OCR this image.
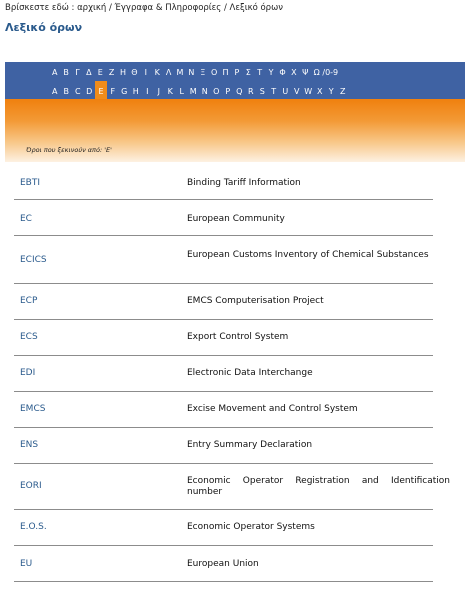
Βρίσκεστε εδώ : αρχική / Έγγραφα & Πληροφορίες / Λεξικό όρων
Λεξικό όρων
Α Β Γ Δ Ε Ζ Η Θ Ι Κ Λ Μ Ν Ξ Ο Π Ρ Σ Τ Υ Φ Χ Ψ Ω /0-9
A B C D E F G H I J K L M N O P Q R S T U V W X Y Z
Όροι που ξεκινούν από: 'E'
EBTI	Binding Tariff Information
EC	European Community
ECICS	European Customs Inventory of Chemical Substances
ECP	EMCS Computerisation Project
ECS	Export Control System
EDI	Electronic Data Interchange
EMCS	Excise Movement and Control System
ENS	Entry Summary Declaration
EORI	Economic Operator Registration and Identification number
E.O.S.	Economic Operator Systems
EU	European Union
